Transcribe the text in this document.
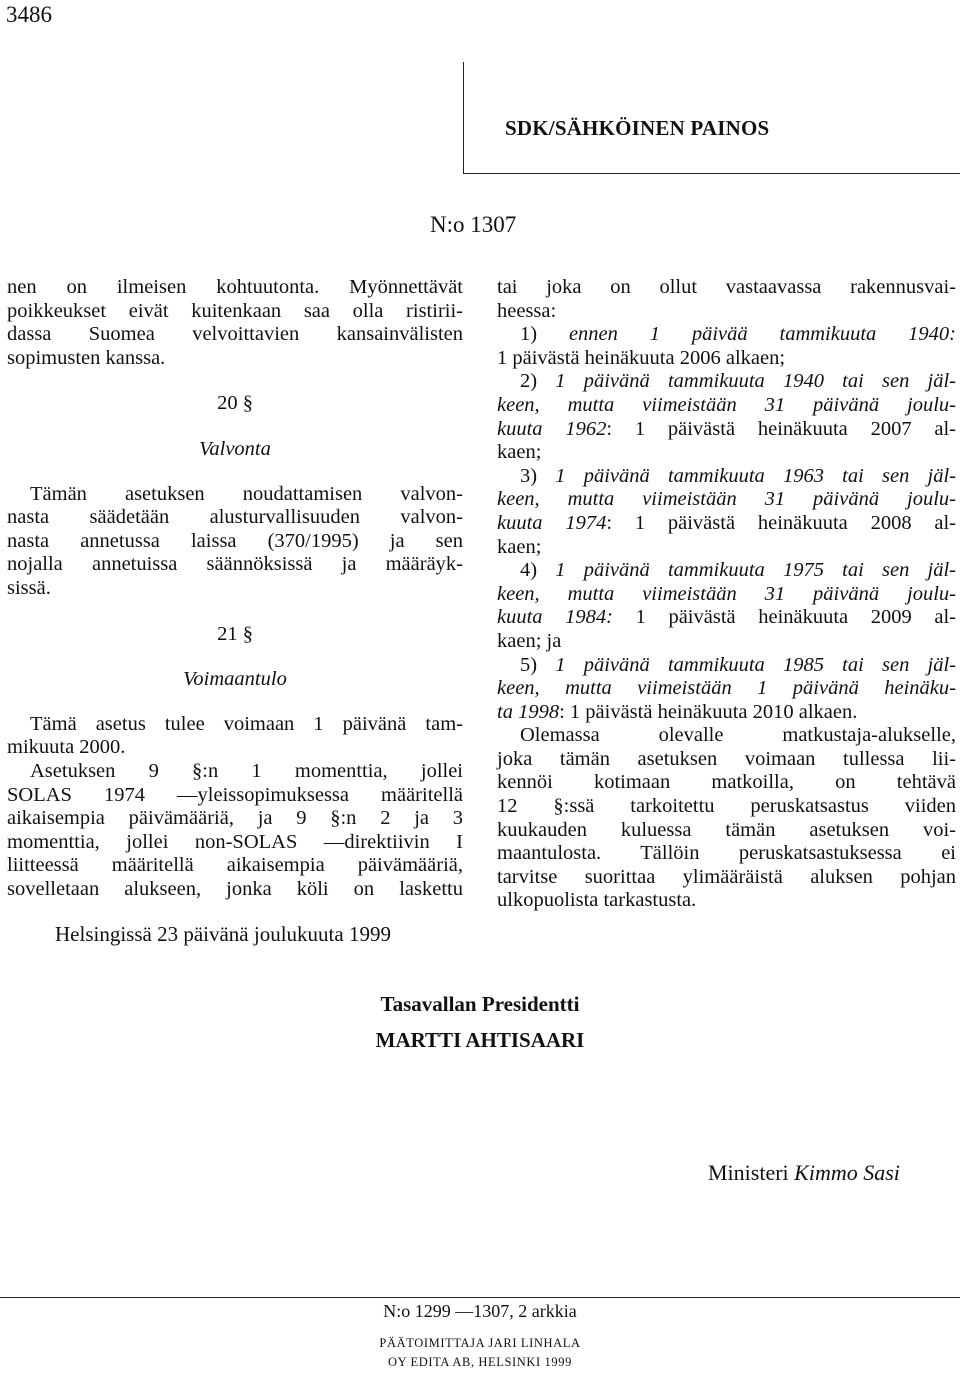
3486
SDK/SÄHKÖINEN PAINOS
N:o 1307
nen on ilmeisen kohtuutonta. Myönnettävät
poikkeukset eivät kuitenkaan saa olla ristirii-
dassa Suomea velvoittavien kansainvälisten
sopimusten kanssa.
20 §
Valvonta
Tämän asetuksen noudattamisen valvon-
nasta säädetään alusturvallisuuden valvon-
nasta annetussa laissa (370/1995) ja sen
nojalla annetuissa säännöksissä ja määräyk-
sissä.
21 §
Voimaantulo
Tämä asetus tulee voimaan 1 päivänä tam-
mikuuta 2000.
Asetuksen 9 §:n 1 momenttia, jollei
SOLAS 1974 —yleissopimuksessa määritellä
aikaisempia päivämääriä, ja 9 §:n 2 ja 3
momenttia, jollei non-SOLAS —direktiivin I
liitteessä määritellä aikaisempia päivämääriä,
sovelletaan alukseen, jonka köli on laskettu
tai joka on ollut vastaavassa rakennusvai-
heessa:
1) ennen 1 päivää tammikuuta 1940:
1 päivästä heinäkuuta 2006 alkaen;
2) 1 päivänä tammikuuta 1940 tai sen jäl-
keen, mutta viimeistään 31 päivänä joulu-
kuuta 1962: 1 päivästä heinäkuuta 2007 al-
kaen;
3) 1 päivänä tammikuuta 1963 tai sen jäl-
keen, mutta viimeistään 31 päivänä joulu-
kuuta 1974: 1 päivästä heinäkuuta 2008 al-
kaen;
4) 1 päivänä tammikuuta 1975 tai sen jäl-
keen, mutta viimeistään 31 päivänä joulu-
kuuta 1984: 1 päivästä heinäkuuta 2009 al-
kaen; ja
5) 1 päivänä tammikuuta 1985 tai sen jäl-
keen, mutta viimeistään 1 päivänä heinäku-
ta 1998: 1 päivästä heinäkuuta 2010 alkaen.
Olemassa olevalle matkustaja-alukselle,
joka tämän asetuksen voimaan tullessa lii-
kennöi kotimaan matkoilla, on tehtävä
12 §:ssä tarkoitettu peruskatsastus viiden
kuukauden kuluessa tämän asetuksen voi-
maantulosta. Tällöin peruskatsastuksessa ei
tarvitse suorittaa ylimääräistä aluksen pohjan
ulkopuolista tarkastusta.
Helsingissä 23 päivänä joulukuuta 1999
Tasavallan Presidentti
MARTTI AHTISAARI
Ministeri Kimmo Sasi
N:o 1299 —1307, 2 arkkia
PÄÄTOIMITTAJA JARI LINHALA
OY EDITA AB, HELSINKI 1999
